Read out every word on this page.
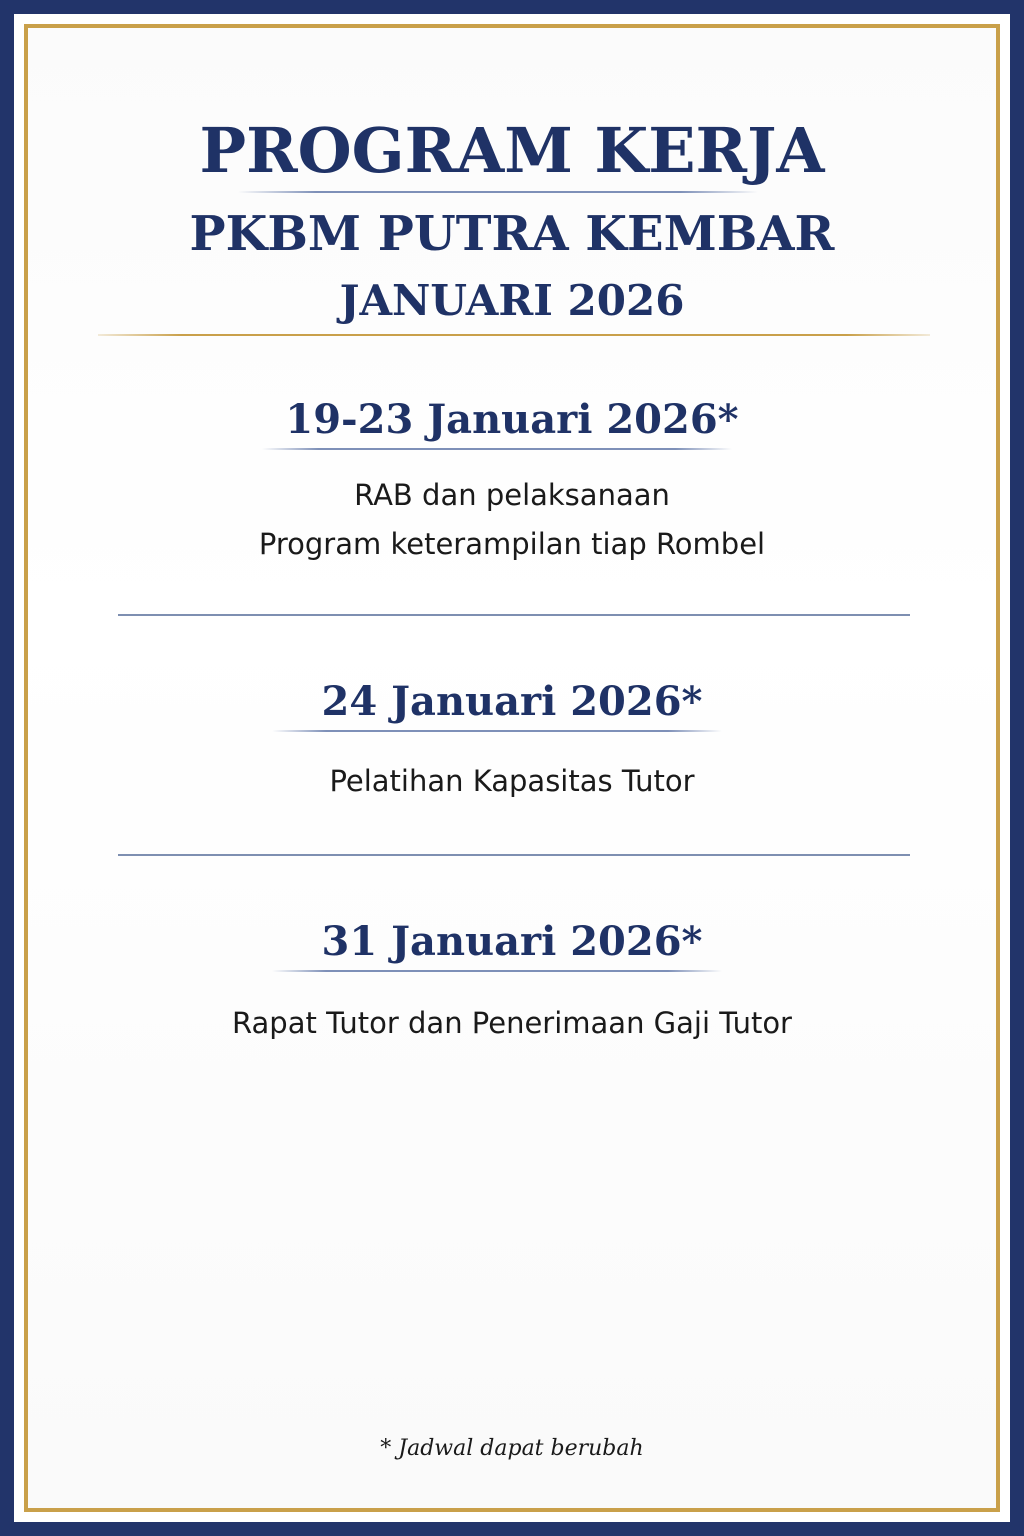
PROGRAM KERJA
PKBM PUTRA KEMBAR
JANUARI 2026
19-23 Januari 2026*
RAB dan pelaksanaan
Program keterampilan tiap Rombel
24 Januari 2026*
Pelatihan Kapasitas Tutor
31 Januari 2026*
Rapat Tutor dan Penerimaan Gaji Tutor
* Jadwal dapat berubah
